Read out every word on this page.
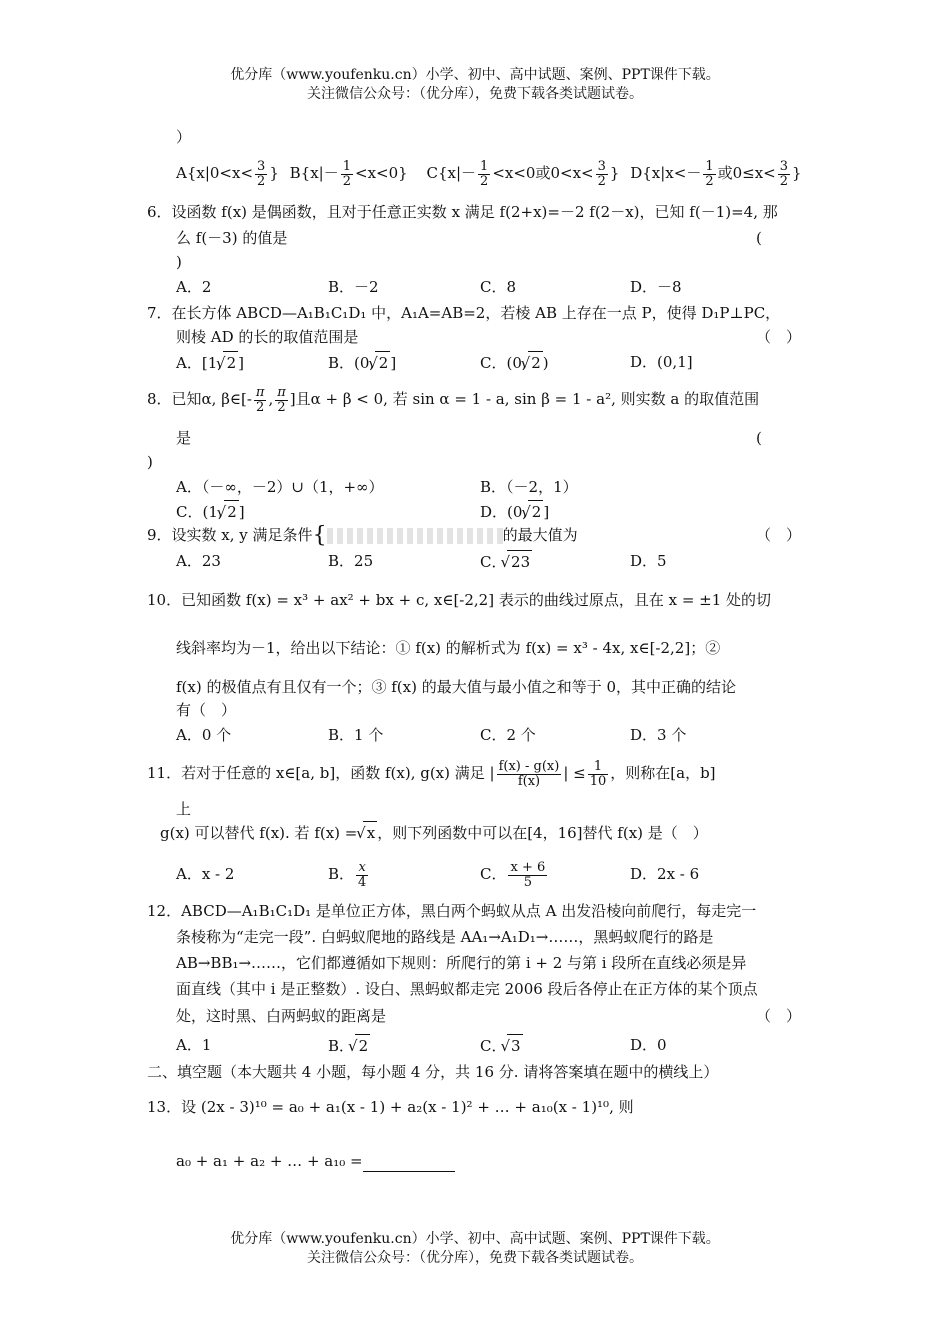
优分库（www.youfenku.cn）小学、初中、高中试题、案例、PPT课件下载。
关注微信公众号：（优分库），免费下载各类试题试卷。
）
$A\{x|0<x< \frac{3}{2}$ } $B\{x|- \frac{1}{2} <x<0\}$ $C\{x|- \frac{1}{2} <x<0$或$0<x< \frac{3}{2}$ } $D\{x|x<- \frac{1}{2}$ 或$0\le x< \frac{3}{2}$ }
6．设函数 f(x) 是偶函数，且对于任意正实数 x 满足 f(2+x)=－2 f(2－x)，已知 f(－1)=4, 那
么 f(－3) 的值是	(
)
A．2	B．－2	C．8	D．－8
7．在长方体 ABCD—A₁B₁C₁D₁ 中，A₁A=AB=2，若棱 AB 上存在一点 P，使得 D₁P⊥PC，
则棱 AD 的长的取值范围是	（　）
A．[1, √ 2 ]	B．(0, √ 2 ]	C．(0, √ 2 )	D．(0,1]
8．已知α, β∈[- $\frac{\pi}{2}$ , $\frac{\pi}{2}$ ]且α + β < 0, 若 sin α = 1 - a, sin β = 1 - a², 则实数 a 的取值范围
是	(
)
A．（－∞，－2）∪（1，+∞）	B．（－2，1）
C．(1, √ 2 ]	D．(0, √ 2 ]
9．设实数 x, y 满足条件{	的最大值为	（　）
A．23	B．25	C． √ 23	D．5
10．已知函数 f(x) = x³ + ax² + bx + c, x∈[-2,2] 表示的曲线过原点，且在 x = ±1 处的切
线斜率均为－1，给出以下结论：① f(x) 的解析式为 f(x) = x³ - 4x, x∈[-2,2]；②
f(x) 的极值点有且仅有一个；③ f(x) 的最大值与最小值之和等于 0，其中正确的结论
有（　）
A．0 个	B．1 个	C．2 个	D．3 个
11．若对于任意的 x∈[a, b]，函数 f(x), g(x) 满足 | $\frac{f(x) - g(x)}{f(x)}$ | ≤ $\frac{1}{10}$ ，则称在[a，b]
上
g(x) 可以替代 f(x). 若 f(x) = √ x ，则下列函数中可以在[4，16]替代 f(x) 是（　）
A．x - 2	B． $\frac{x}{4}$	C． $\frac{x + 6}{5}$	D．2x - 6
12．ABCD—A₁B₁C₁D₁ 是单位正方体，黑白两个蚂蚁从点 A 出发沿棱向前爬行，每走完一
条棱称为“走完一段”. 白蚂蚁爬地的路线是 AA₁→A₁D₁→……，黑蚂蚁爬行的路是
AB→BB₁→……，它们都遵循如下规则：所爬行的第 i + 2 与第 i 段所在直线必须是异
面直线（其中 i 是正整数）. 设白、黑蚂蚁都走完 2006 段后各停止在正方体的某个顶点
处，这时黑、白两蚂蚁的距离是	（　）
A．1	B． √ 2	C． √ 3	D．0
二、填空题（本大题共 4 小题，每小题 4 分，共 16 分. 请将答案填在题中的横线上）
13．设 (2x - 3)¹⁰ = a₀ + a₁(x - 1) + a₂(x - 1)² + … + a₁₀(x - 1)¹⁰, 则
a₀ + a₁ + a₂ + … + a₁₀ =
优分库（www.youfenku.cn）小学、初中、高中试题、案例、PPT课件下载。
关注微信公众号：（优分库），免费下载各类试题试卷。
